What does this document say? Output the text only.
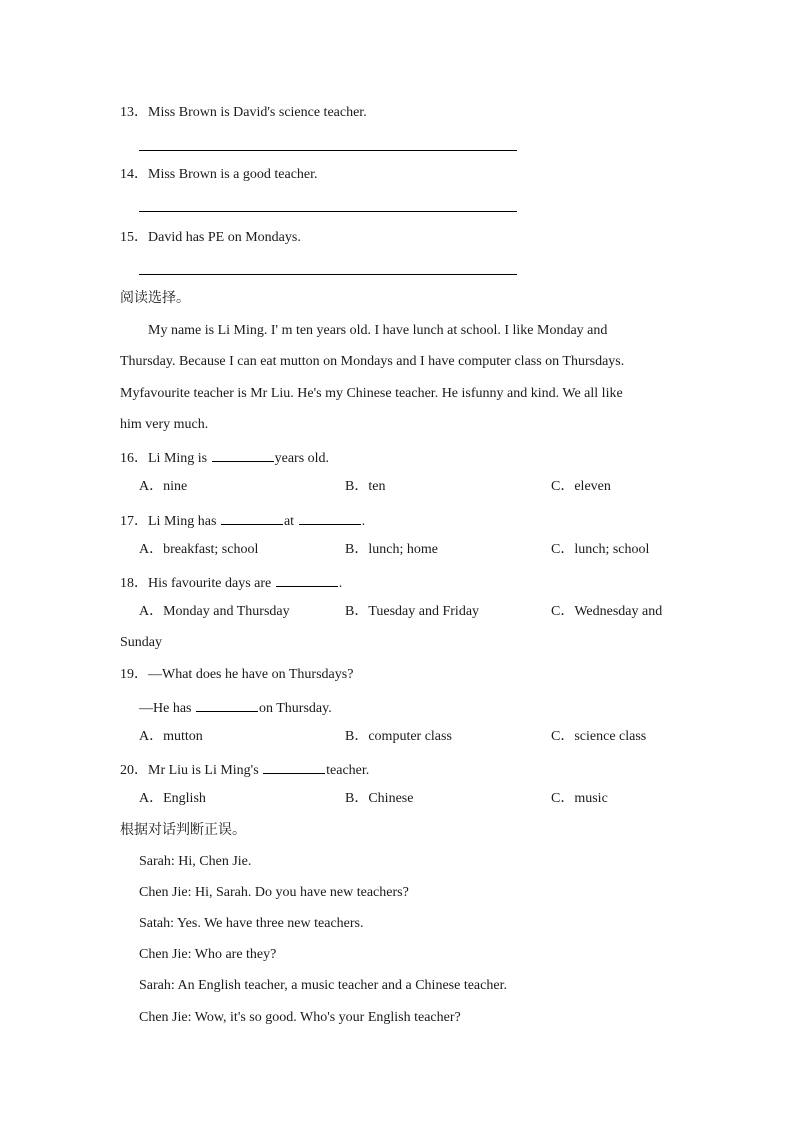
13．Miss Brown is David's science teacher.
14．Miss Brown is a good teacher.
15．David has PE on Mondays.
阅读选择。
My name is Li Ming. I' m ten years old. I have lunch at school. I like Monday and
Thursday. Because I can eat mutton on Mondays and I have computer class on Thursdays.
Myfavourite teacher is Mr Liu. He's my Chinese teacher. He isfunny and kind. We all like
him very much.
16．Li Ming is	years old.
A．nine	B．ten	C．eleven
17．Li Ming has	at	.
A．breakfast; school	B．lunch; home	C．lunch; school
18．His favourite days are	.
A．Monday and Thursday	B．Tuesday and Friday	C．Wednesday and
Sunday
19．—What does he have on Thursdays?
—He has	on Thursday.
A．mutton	B．computer class	C．science class
20．Mr Liu is Li Ming's	teacher.
A．English	B．Chinese	C．music
根据对话判断正误。
Sarah: Hi, Chen Jie.
Chen Jie: Hi, Sarah. Do you have new teachers?
Satah: Yes. We have three new teachers.
Chen Jie: Who are they?
Sarah: An English teacher, a music teacher and a Chinese teacher.
Chen Jie: Wow, it's so good. Who's your English teacher?
